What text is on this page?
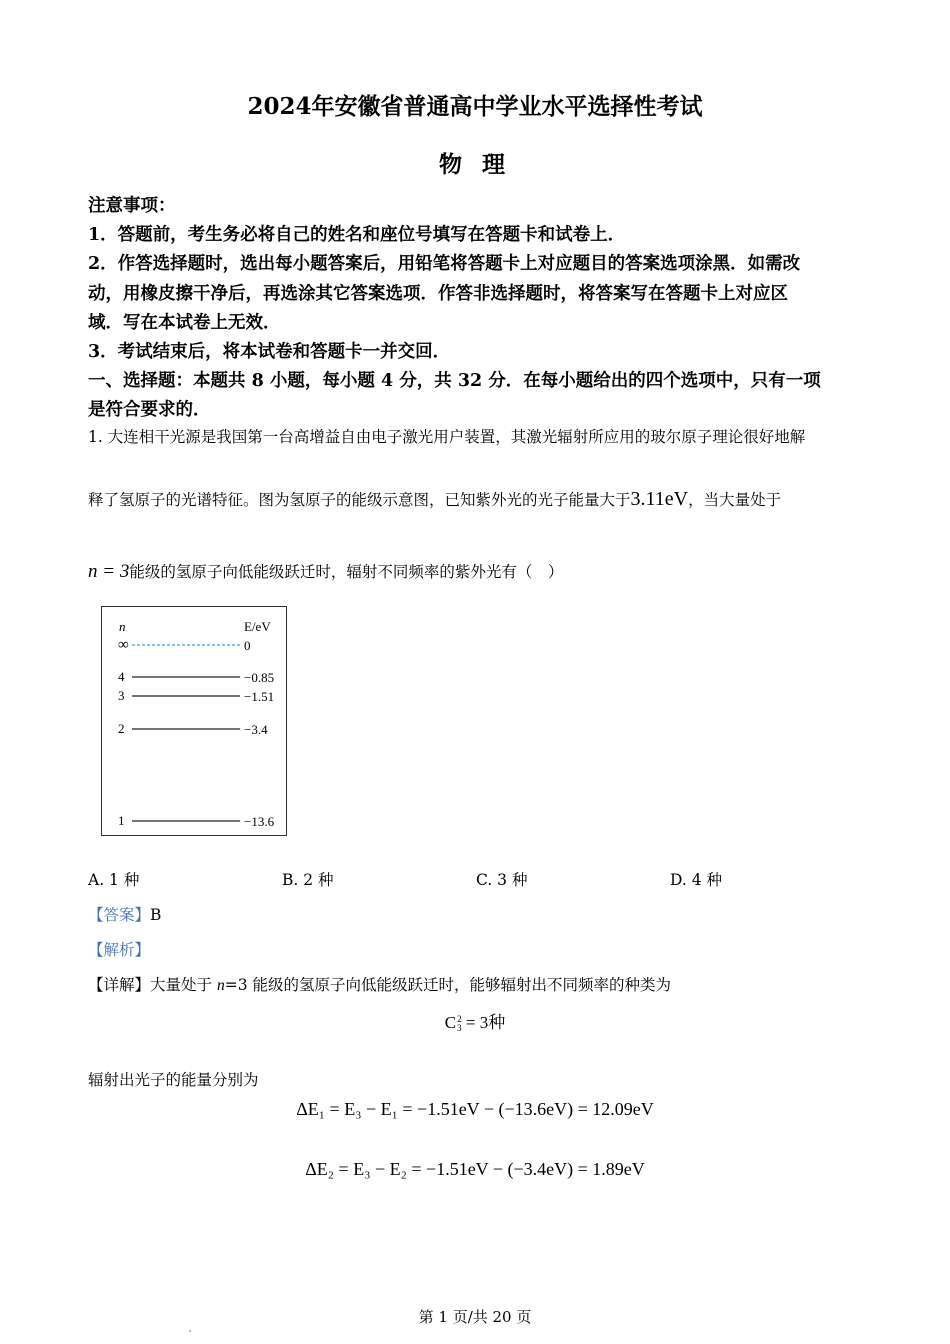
2024年安徽省普通高中学业水平选择性考试
物 理
注意事项：
1．答题前，考生务必将自己的姓名和座位号填写在答题卡和试卷上．
2．作答选择题时，选出每小题答案后，用铅笔将答题卡上对应题目的答案选项涂黑．如需改
动，用橡皮擦干净后，再选涂其它答案选项．作答非选择题时，将答案写在答题卡上对应区
域．写在本试卷上无效．
3．考试结束后，将本试卷和答题卡一并交回．
一、选择题：本题共 8 小题，每小题 4 分，共 32 分．在每小题给出的四个选项中，只有一项
是符合要求的．
1. 大连相干光源是我国第一台高增益自由电子激光用户装置，其激光辐射所应用的玻尔原子理论很好地解
释了氢原子的光谱特征。图为氢原子的能级示意图，已知紫外光的光子能量大于3.11eV，当大量处于
n = 3能级的氢原子向低能级跃迁时，辐射不同频率的紫外光有（　）
n	E/eV
∞	0
4	−0.85
3	−1.51
2	−3.4
1	−13.6
A. 1 种	B. 2 种	C. 3 种	D. 4 种
【答案】B
【解析】
【详解】大量处于 n=3 能级的氢原子向低能级跃迁时，能够辐射出不同频率的种类为
C 2
3 = 3种
辐射出光子的能量分别为
ΔE₁ = E₃ − E₁ = −1.51eV − (−13.6eV) = 12.09eV
ΔE₂ = E₃ − E₂ = −1.51eV − (−3.4eV) = 1.89eV
第 1 页/共 20 页
